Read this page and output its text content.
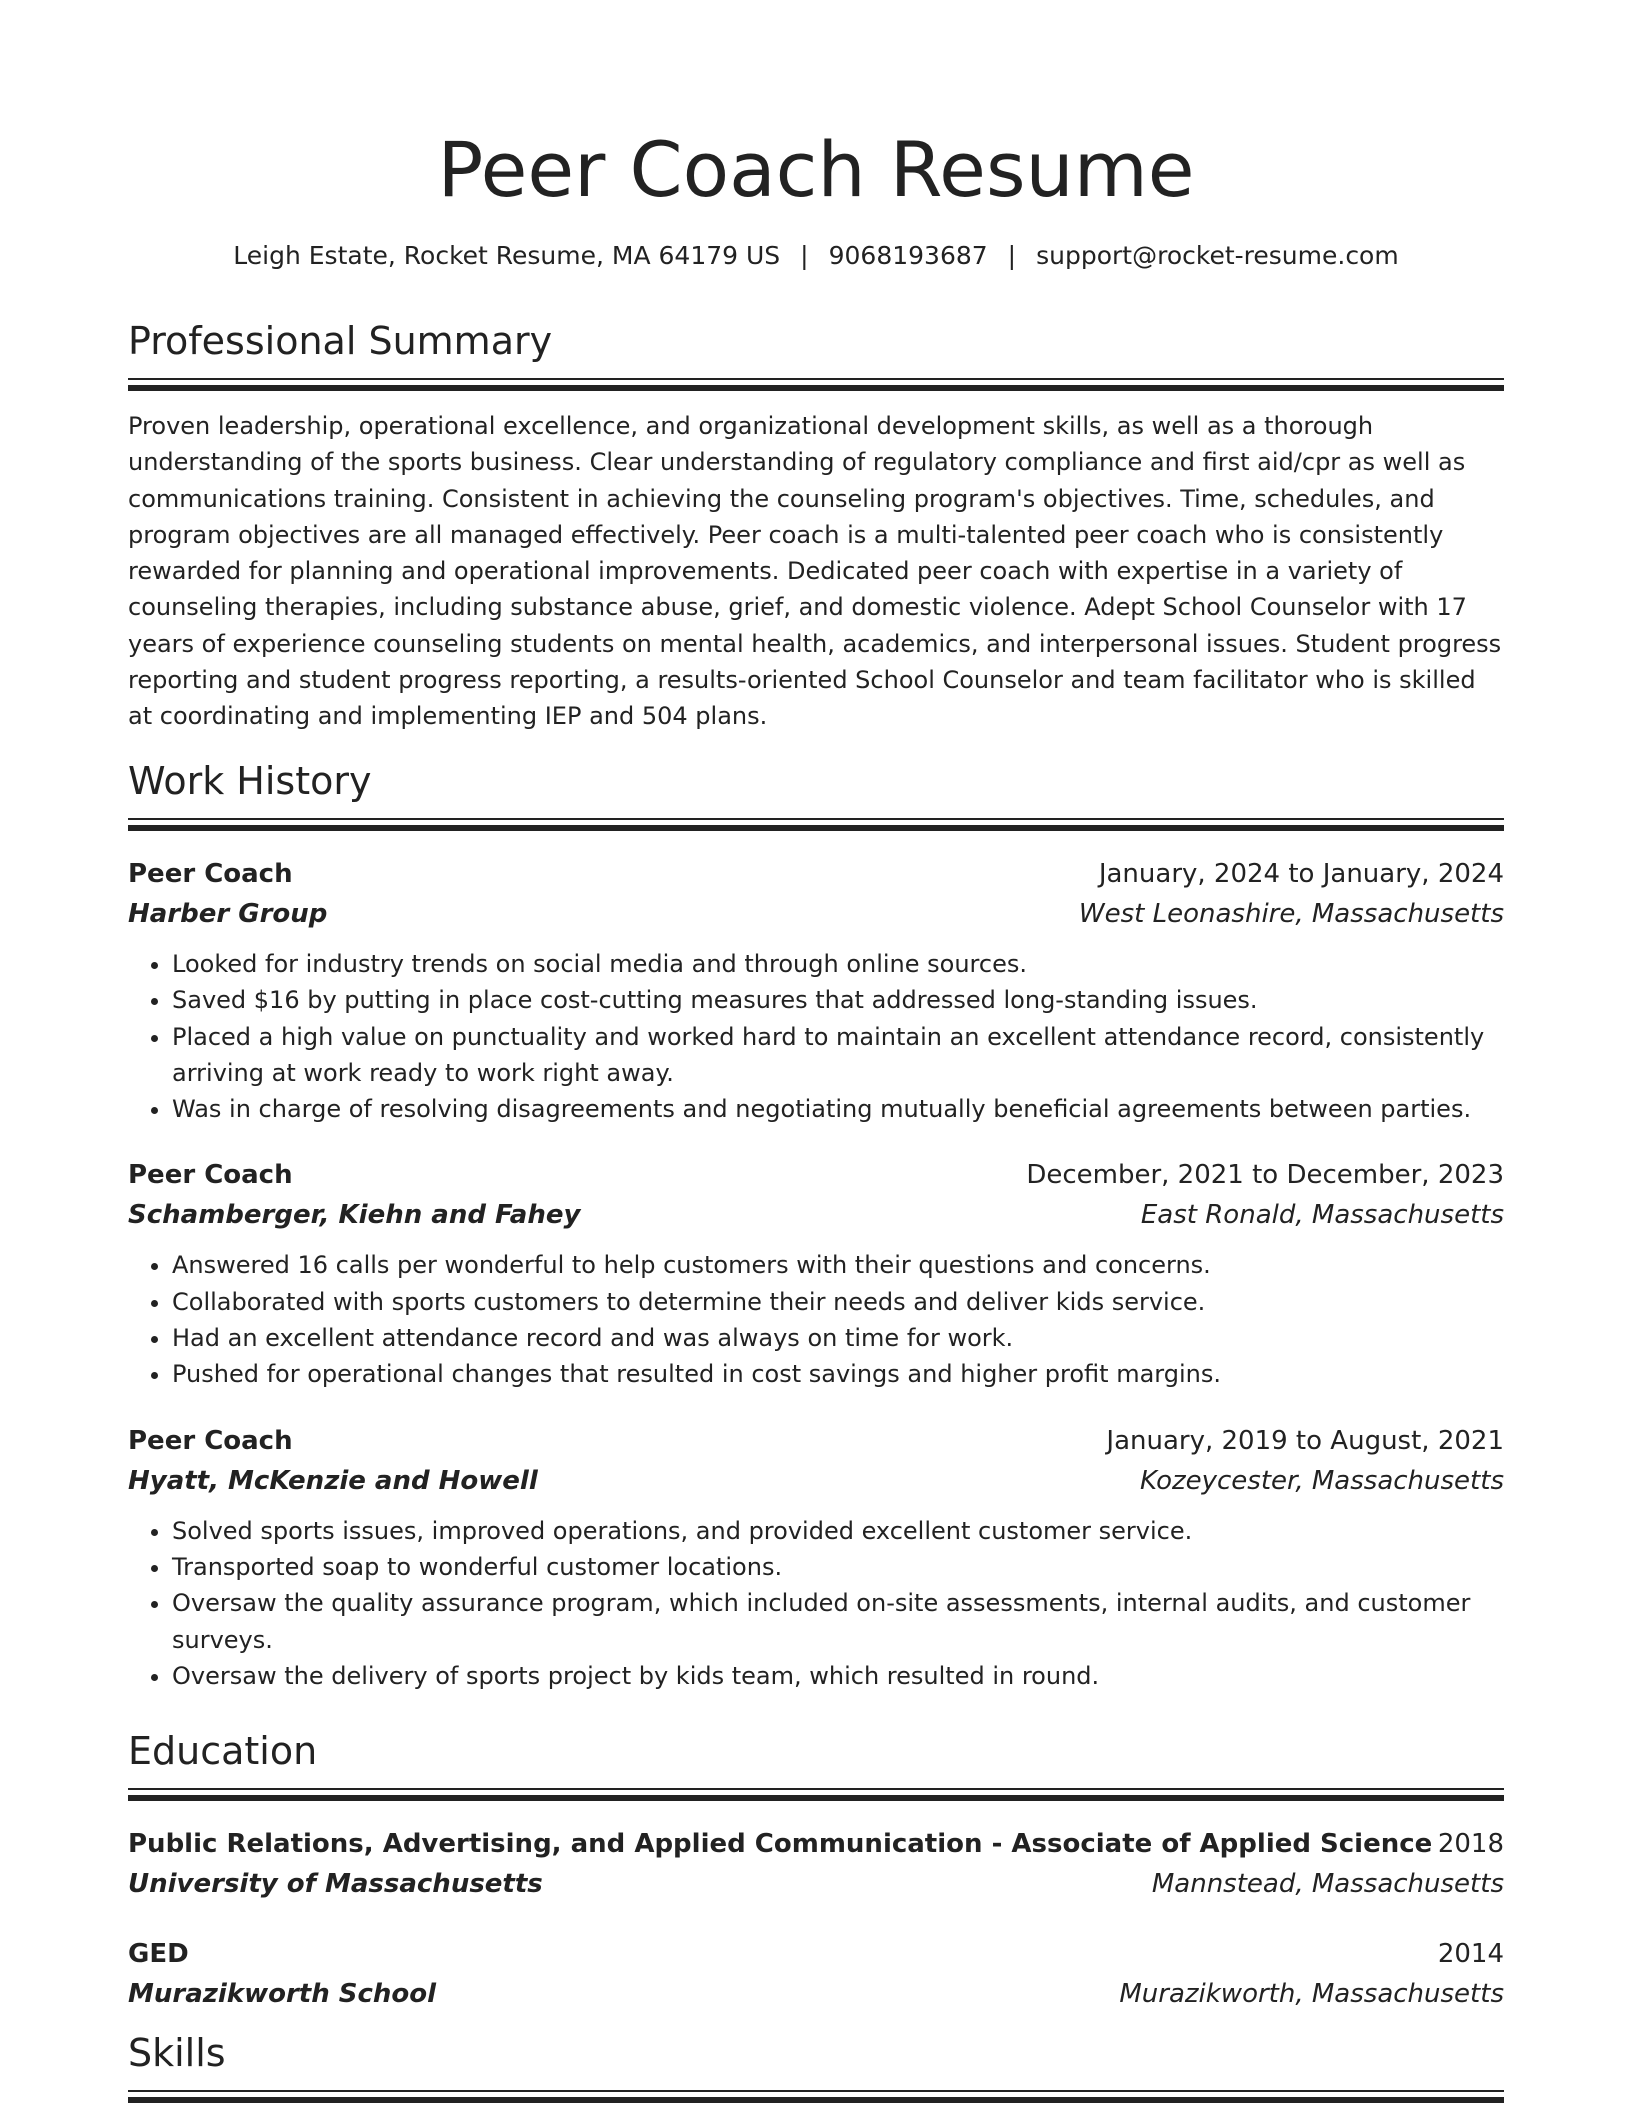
Peer Coach Resume
Leigh Estate, Rocket Resume, MA 64179 US | 9068193687 | support@rocket-resume.com
Professional Summary

Proven leadership, operational excellence, and organizational development skills, as well as a thorough understanding of the sports business. Clear understanding of regulatory compliance and first aid/cpr as well as communications training. Consistent in achieving the counseling program's objectives. Time, schedules, and program objectives are all managed effectively. Peer coach is a multi-talented peer coach who is consistently rewarded for planning and operational improvements. Dedicated peer coach with expertise in a variety of counseling therapies, including substance abuse, grief, and domestic violence. Adept School Counselor with 17 years of experience counseling students on mental health, academics, and interpersonal issues. Student progress reporting and student progress reporting, a results-oriented School Counselor and team facilitator who is skilled at coordinating and implementing IEP and 504 plans.

Work History
Peer Coach	January, 2024 to January, 2024
Harber Group	West Leonashire, Massachusetts
• Looked for industry trends on social media and through online sources.
• Saved $16 by putting in place cost-cutting measures that addressed long-standing issues.
• Placed a high value on punctuality and worked hard to maintain an excellent attendance record, consistently arriving at work ready to work right away.
• Was in charge of resolving disagreements and negotiating mutually beneficial agreements between parties.
Peer Coach	December, 2021 to December, 2023
Schamberger, Kiehn and Fahey	East Ronald, Massachusetts
• Answered 16 calls per wonderful to help customers with their questions and concerns.
• Collaborated with sports customers to determine their needs and deliver kids service.
• Had an excellent attendance record and was always on time for work.
• Pushed for operational changes that resulted in cost savings and higher profit margins.
Peer Coach	January, 2019 to August, 2021
Hyatt, McKenzie and Howell	Kozeycester, Massachusetts
• Solved sports issues, improved operations, and provided excellent customer service.
• Transported soap to wonderful customer locations.
• Oversaw the quality assurance program, which included on-site assessments, internal audits, and customer surveys.
• Oversaw the delivery of sports project by kids team, which resulted in round.
Education
Public Relations, Advertising, and Applied Communication - Associate of Applied Science 2018
University of Massachusetts	Mannstead, Massachusetts
GED	2014
Murazikworth School	Murazikworth, Massachusetts
Skills
